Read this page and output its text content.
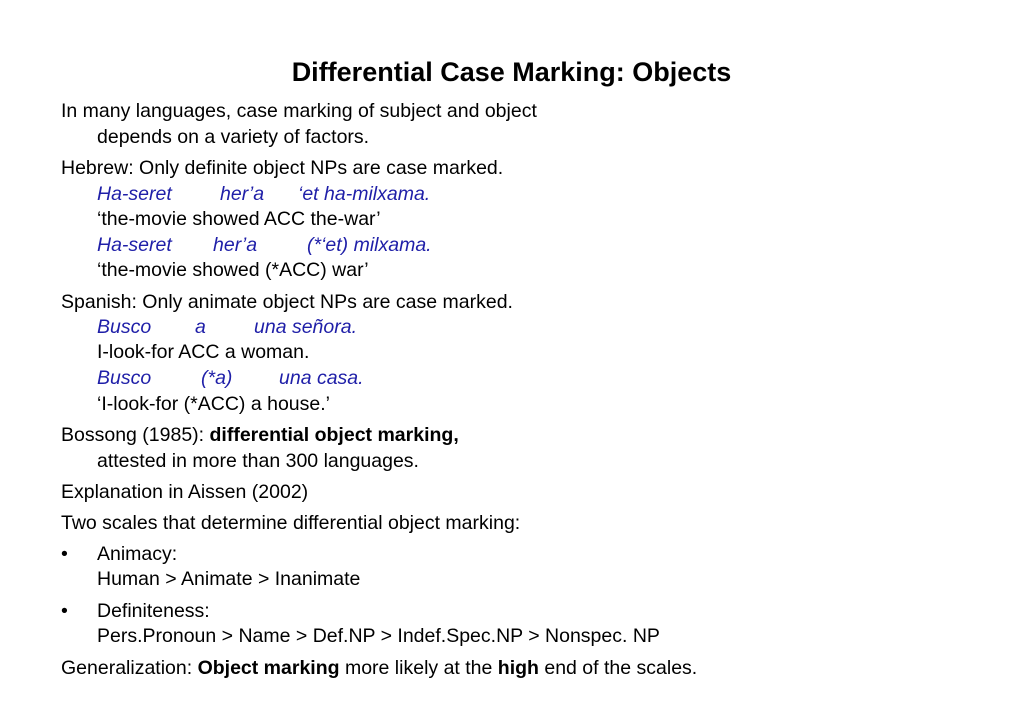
Differential Case Marking: Objects
In many languages, case marking of subject and object
depends on a variety of factors.
Hebrew: Only definite object NPs are case marked.
Ha-seret her’a ‘et ha-milxama.
‘the-movie showed ACC the-war’
Ha-seret her’a	(*‘et) milxama.
‘the-movie showed (*ACC) war’
Spanish: Only animate object NPs are case marked.
Busco a una señora.
I-look-for ACC a woman.
Busco	(*a) una casa.
‘I-look-for (*ACC) a house.’
Bossong (1985): differential object marking,
attested in more than 300 languages.
Explanation in Aissen (2002)
Two scales that determine differential object marking:
• Animacy:
Human > Animate > Inanimate
• Definiteness:
Pers.Pronoun > Name > Def.NP > Indef.Spec.NP > Nonspec. NP
Generalization: Object marking more likely at the high end of the scales.
